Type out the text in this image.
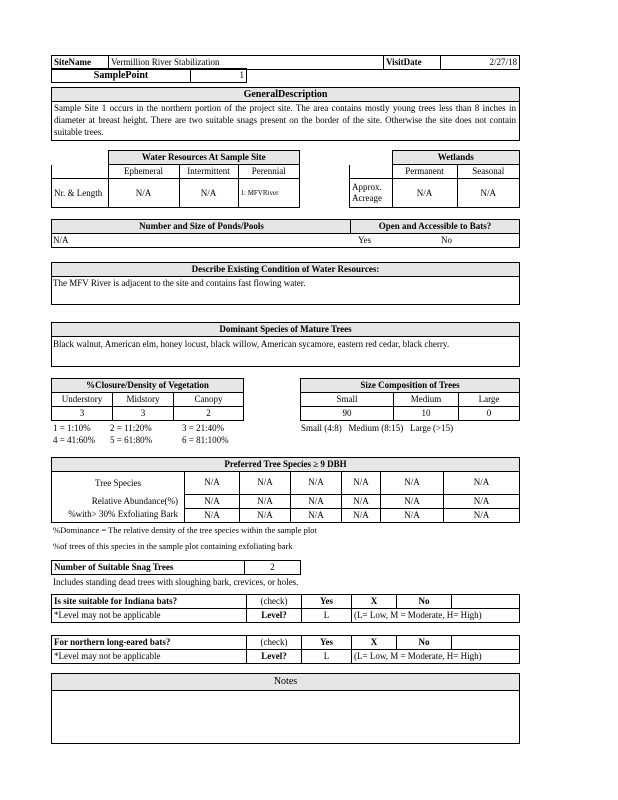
SiteName	Vermillion River Stabilization	VisitDate	2/27/18
SamplePoint	1
GeneralDescription
Sample Site 1 occurs in the northern portion of the project site. The area contains mostly young trees less than 8 inches in diameter at breast height. There are two suitable snags present on the border of the site. Otherwise the site does not contain suitable trees.
	Water Resources At Sample Site		
	Ephemeral	Intermittent	Perennial
Nr. & Length	N/A	N/A	1: MFVRiver
	Wetlands	
	Permanent	Seasonal
Approx.
Acreage	N/A	N/A
Number and Size of Ponds/Pools	Open and Accessible to Bats?
N/A	Yes	No
Describe Existing Condition of Water Resources:
The MFV River is adjacent to the site and contains fast flowing water.
Dominant Species of Mature Trees
Black walnut, American elm, honey locust, black willow, American sycamore, eastern red cedar, black cherry.
%Closure/Density of Vegetation		
Understory	Midstory	Canopy
3	3	2
1 = 1:10% 2 = 11:20%	3 = 21:40%
4 = 41:60% 5 = 61:80%	6 = 81:100%
Size Composition of Trees		
Small	Medium	Large
90	10	0
Small (4:8)   Medium (8:15)   Large (>15)
Preferred Tree Species ≥ 9 DBH						
Tree Species	N/A	N/A	N/A	N/A	N/A	N/A
Relative Abundance(%)	N/A	N/A	N/A	N/A	N/A	N/A
%with> 30% Exfoliating Bark	N/A	N/A	N/A	N/A	N/A	N/A
%Dominance = The relative density of the tree species within the sample plot
%of trees of this species in the sample plot containing exfoliating bark
Number of Suitable Snag Trees	2
Includes standing dead trees with sloughing bark, crevices, or holes.
Is site suitable for Indiana bats?	(check)	Yes	X	No	
*Level may not be applicable	Level?	L	(L= Low, M = Moderate, H= High)		
For northern long-eared bats?	(check)	Yes	X	No	
*Level may not be applicable	Level?	L	(L= Low, M = Moderate, H= High)		
Notes
